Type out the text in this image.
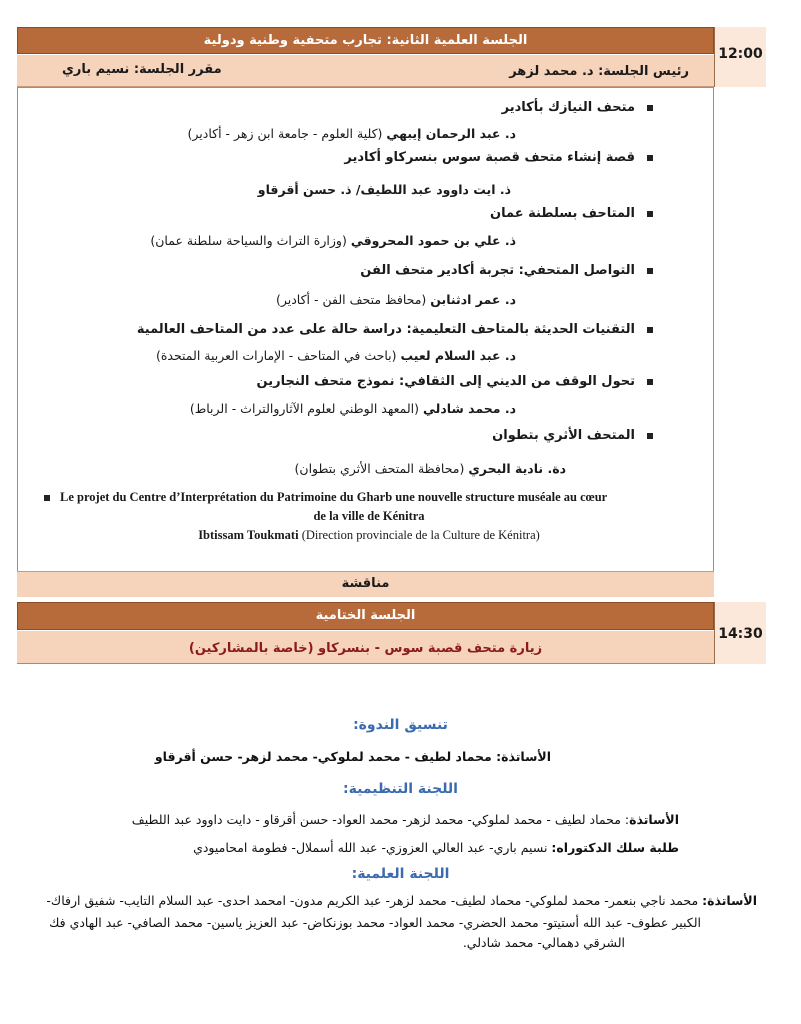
الجلسة العلمية الثانية: تجارب متحفية وطنية ودولية
12:00
رئيس الجلسة: د. محمد لزهر
مقرر الجلسة: نسيم باري
متحف النيازك بأكادير
د. عبد الرحمان إيبهي (كلية العلوم - جامعة ابن زهر - أكادير)
قصة إنشاء متحف قصبة سوس بنسركاو أكادير
ذ. ايت داوود عبد اللطيف/ ذ. حسن أقرقاو
المتاحف بسلطنة عمان
ذ. علي بن حمود المحروقي (وزارة التراث والسياحة سلطنة عمان)
التواصل المتحفي: تجربة أكادير متحف الفن
د. عمر ادثنابن (محافظ متحف الفن - أكادير)
التقنيات الحديثة بالمتاحف التعليمية: دراسة حالة على عدد من المتاحف العالمية
د. عبد السلام لعيب (باحث في المتاحف - الإمارات العربية المتحدة)
تحول الوقف من الديني إلى الثقافي: نموذج متحف النجارين
د. محمد شادلي (المعهد الوطني لعلوم الآثاروالتراث - الرباط)
المتحف الأثري بتطوان
دة. نادية البحري (محافظة المتحف الأثري بتطوان)
Le projet du Centre d’Interprétation du Patrimoine du Gharb une nouvelle structure muséale au cœur
de la ville de Kénitra
Ibtissam Toukmati (Direction provinciale de la Culture de Kénitra)
مناقشة
الجلسة الختامية
14:30
زيارة متحف قصبة سوس - بنسركاو (خاصة بالمشاركين)
تنسيق الندوة:
الأساتذة: محماد لطيف - محمد لملوكي- محمد لزهر- حسن أقرقاو
اللجنة التنظيمية:
الأساتذة: محماد لطيف - محمد لملوكي- محمد لزهر- محمد العواد- حسن أقرقاو - دايت داوود عبد اللطيف
طلبة سلك الدكتوراه: نسيم باري- عبد العالي العزوزي- عبد الله أسملال- فطومة امحاميودي
اللجنة العلمية:
الأساتذة: محمد ناجي بنعمر- محمد لملوكي- محماد لطيف- محمد لزهر- عبد الكريم مدون- امحمد احدى- عبد السلام التايب- شفيق ارفاك-
الكبير عطوف- عبد الله أستيتو- محمد الحضري- محمد العواد- محمد بوزنكاض- عبد العزيز ياسين- محمد الصافي- عبد الهادي فك
الشرقي دهمالي- محمد شادلي.
